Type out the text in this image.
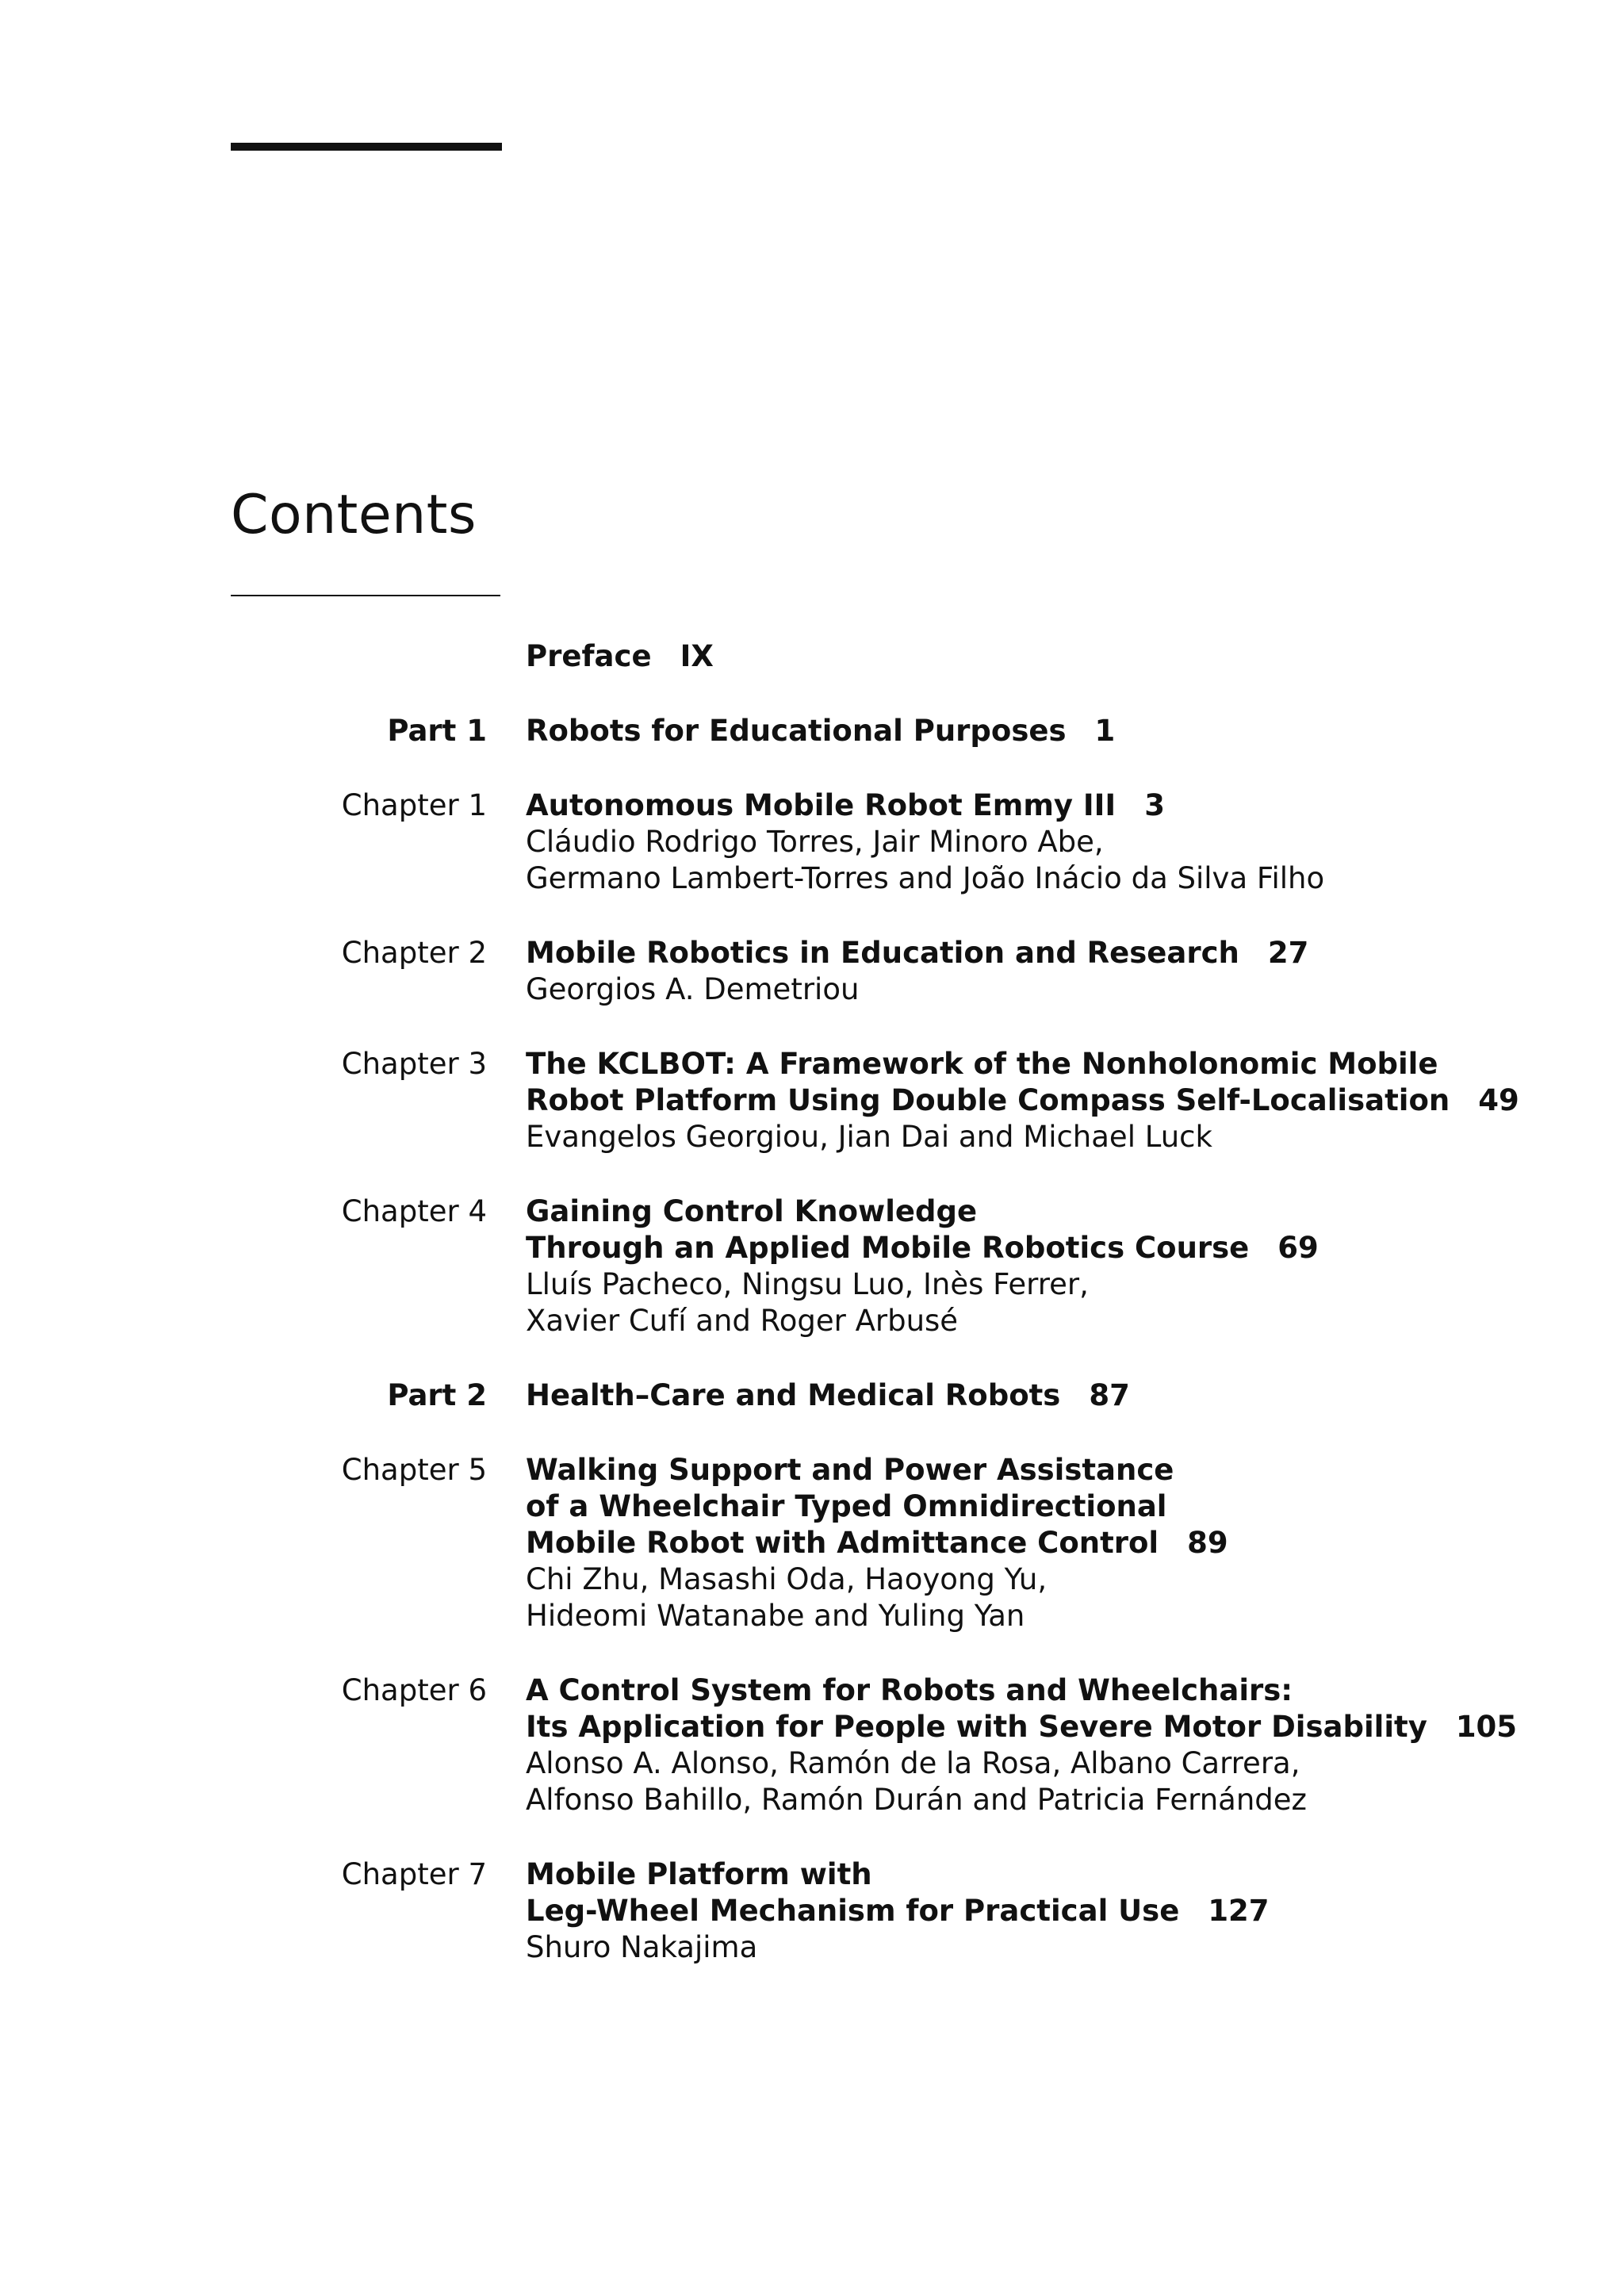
Contents
Preface IX
Part 1 Robots for Educational Purposes 1
Chapter 1 Autonomous Mobile Robot Emmy III 3
Cláudio Rodrigo Torres, Jair Minoro Abe,
Germano Lambert-Torres and João Inácio da Silva Filho
Chapter 2 Mobile Robotics in Education and Research 27
Georgios A. Demetriou
Chapter 3 The KCLBOT: A Framework of the Nonholonomic Mobile
Robot Platform Using Double Compass Self-Localisation 49
Evangelos Georgiou, Jian Dai and Michael Luck
Chapter 4 Gaining Control Knowledge
Through an Applied Mobile Robotics Course 69
Lluís Pacheco, Ningsu Luo, Inès Ferrer,
Xavier Cufí and Roger Arbusé
Part 2 Health–Care and Medical Robots 87
Chapter 5 Walking Support and Power Assistance
of a Wheelchair Typed Omnidirectional
Mobile Robot with Admittance Control 89
Chi Zhu, Masashi Oda, Haoyong Yu,
Hideomi Watanabe and Yuling Yan
Chapter 6 A Control System for Robots and Wheelchairs:
Its Application for People with Severe Motor Disability 105
Alonso A. Alonso, Ramón de la Rosa, Albano Carrera,
Alfonso Bahillo, Ramón Durán and Patricia Fernández
Chapter 7 Mobile Platform with
Leg-Wheel Mechanism for Practical Use 127
Shuro Nakajima
